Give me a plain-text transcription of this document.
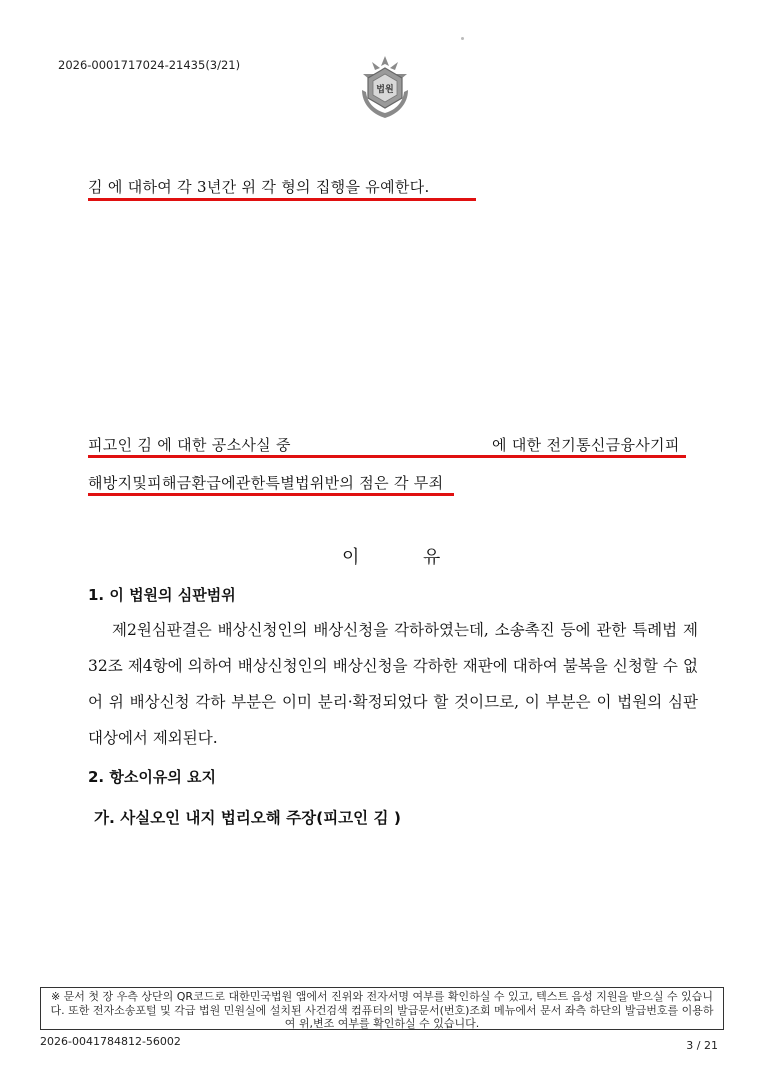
2026-0001717024-21435(3/21)
법원
김 에 대하여 각 3년간 위 각 형의 집행을 유예한다.
피고인 김 에 대한 공소사실 중	에 대한 전기통신금융사기피
해방지및피해금환급에관한특별법위반의 점은 각 무죄
이	유
1. 이 법원의 심판범위
제2원심판결은 배상신청인의 배상신청을 각하하였는데, 소송촉진 등에 관한 특례법 제32조 제4항에 의하여 배상신청인의 배상신청을 각하한 재판에 대하여 불복을 신청할 수 없어 위 배상신청 각하 부분은 이미 분리·확정되었다 할 것이므로, 이 부분은 이 법원의 심판대상에서 제외된다.
2. 항소이유의 요지
가. 사실오인 내지 법리오해 주장(피고인 김 )
※ 문서 첫 장 우측 상단의 QR코드로 대한민국법원 앱에서 진위와 전자서명 여부를 확인하실 수 있고, 텍스트 음성 지원을 받으실 수 있습니다. 또한 전자소송포털 및 각급 법원 민원실에 설치된 사건검색 컴퓨터의 발급문서(번호)조회 메뉴에서 문서 좌측 하단의 발급번호를 이용하여 위,변조 여부를 확인하실 수 있습니다.
2026-0041784812-56002	3 / 21
